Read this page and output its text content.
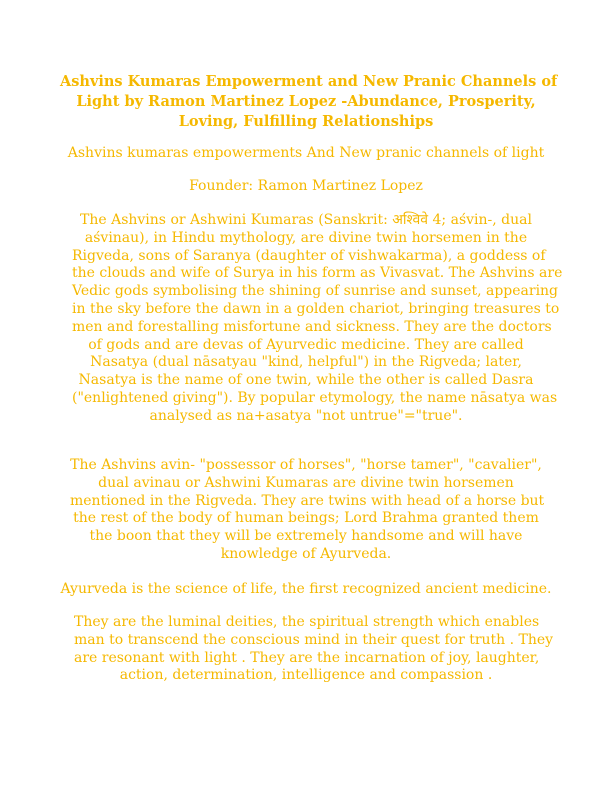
Ashvins Kumaras Empowerment and New Pranic Channels of
Light by Ramon Martinez Lopez -Abundance, Prosperity,
Loving, Fulfilling Relationships

Ashvins kumaras empowerments And New pranic channels of light

Founder: Ramon Martinez Lopez

The Ashvins or Ashwini Kumaras (Sanskrit: अश्विवे 4; aśvin-, dual
aśvinau), in Hindu mythology, are divine twin horsemen in the
Rigveda, sons of Saranya (daughter of vishwakarma), a goddess of
the clouds and wife of Surya in his form as Vivasvat. The Ashvins are
Vedic gods symbolising the shining of sunrise and sunset, appearing
in the sky before the dawn in a golden chariot, bringing treasures to
men and forestalling misfortune and sickness. They are the doctors
of gods and are devas of Ayurvedic medicine. They are called
Nasatya (dual nāsatyau "kind, helpful") in the Rigveda; later,
Nasatya is the name of one twin, while the other is called Dasra
("enlightened giving"). By popular etymology, the name nāsatya was
analysed as na+asatya "not untrue"="true".

The Ashvins avin- "possessor of horses", "horse tamer", "cavalier",
dual avinau or Ashwini Kumaras are divine twin horsemen
mentioned in the Rigveda. They are twins with head of a horse but
the rest of the body of human beings; Lord Brahma granted them
the boon that they will be extremely handsome and will have
knowledge of Ayurveda.

Ayurveda is the science of life, the first recognized ancient medicine.

They are the luminal deities, the spiritual strength which enables
man to transcend the conscious mind in their quest for truth . They
are resonant with light . They are the incarnation of joy, laughter,
action, determination, intelligence and compassion .
